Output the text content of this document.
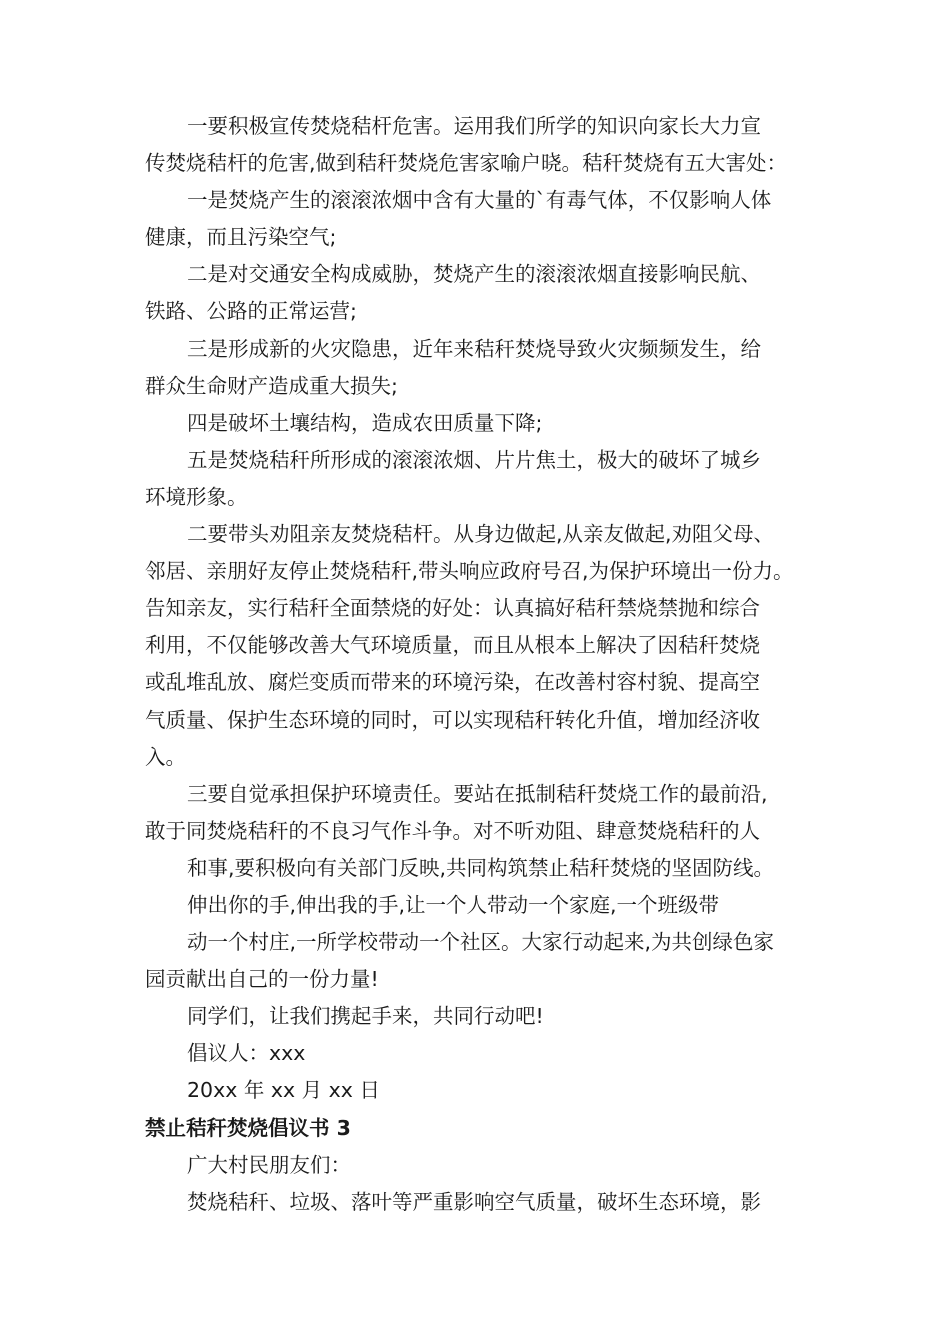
一要积极宣传焚烧秸杆危害。运用我们所学的知识向家长大力宣
传焚烧秸杆的危害,做到秸秆焚烧危害家喻户晓。秸秆焚烧有五大害处：
一是焚烧产生的滚滚浓烟中含有大量的`有毒气体，不仅影响人体
健康，而且污染空气;
二是对交通安全构成威胁，焚烧产生的滚滚浓烟直接影响民航、
铁路、公路的正常运营;
三是形成新的火灾隐患，近年来秸秆焚烧导致火灾频频发生，给
群众生命财产造成重大损失;
四是破坏土壤结构，造成农田质量下降;
五是焚烧秸秆所形成的滚滚浓烟、片片焦土，极大的破坏了城乡
环境形象。
二要带头劝阻亲友焚烧秸杆。从身边做起,从亲友做起,劝阻父母、
邻居、亲朋好友停止焚烧秸秆,带头响应政府号召,为保护环境出一份力。
告知亲友，实行秸秆全面禁烧的好处：认真搞好秸秆禁烧禁抛和综合
利用，不仅能够改善大气环境质量，而且从根本上解决了因秸秆焚烧
或乱堆乱放、腐烂变质而带来的环境污染，在改善村容村貌、提高空
气质量、保护生态环境的同时，可以实现秸秆转化升值，增加经济收
入。
三要自觉承担保护环境责任。要站在抵制秸秆焚烧工作的最前沿,
敢于同焚烧秸秆的不良习气作斗争。对不听劝阻、肆意焚烧秸秆的人
和事,要积极向有关部门反映,共同构筑禁止秸秆焚烧的坚固防线。
伸出你的手,伸出我的手,让一个人带动一个家庭,一个班级带
动一个村庄,一所学校带动一个社区。大家行动起来,为共创绿色家
园贡献出自己的一份力量!
同学们，让我们携起手来，共同行动吧!
倡议人：xxx
20xx 年 xx 月 xx 日
禁止秸秆焚烧倡议书 3
广大村民朋友们：
焚烧秸秆、垃圾、落叶等严重影响空气质量，破坏生态环境，影
